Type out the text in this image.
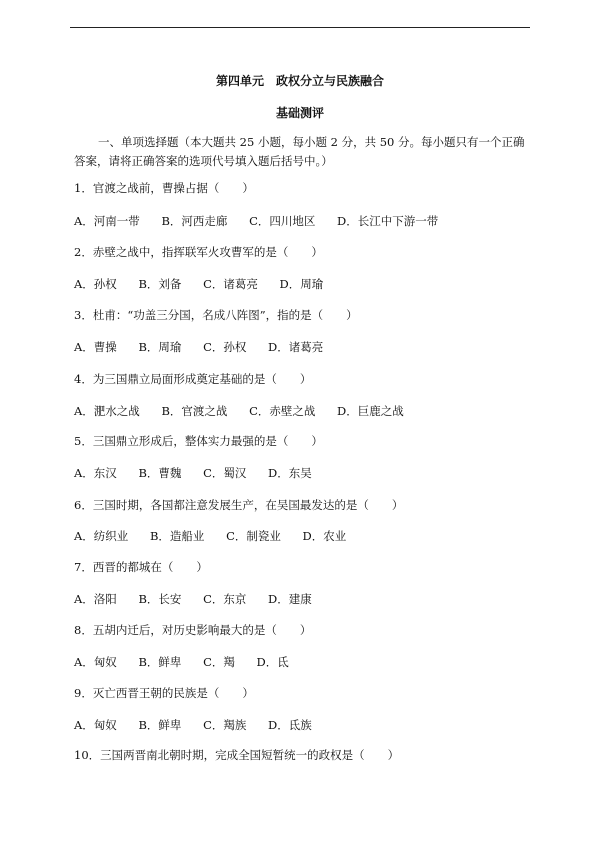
第四单元　政权分立与民族融合
基础测评
一、单项选择题（本大题共 25 小题，每小题 2 分，共 50 分。每小题只有一个正确答案，请将正确答案的选项代号填入题后括号中。）
1．官渡之战前，曹操占据（　　）
A．河南一带 B．河西走廊 C．四川地区 D．长江中下游一带
2．赤壁之战中，指挥联军火攻曹军的是（　　）
A．孙权 B．刘备 C．诸葛亮 D．周瑜
3．杜甫：“功盖三分国，名成八阵图”，指的是（　　）
A．曹操 B．周瑜 C．孙权 D．诸葛亮
4．为三国鼎立局面形成奠定基础的是（　　）
A．淝水之战 B．官渡之战 C．赤壁之战 D．巨鹿之战
5．三国鼎立形成后，整体实力最强的是（　　）
A．东汉 B．曹魏 C．蜀汉 D．东吴
6．三国时期，各国都注意发展生产，在吴国最发达的是（　　）
A．纺织业 B．造船业 C．制瓷业 D．农业
7．西晋的都城在（　　）
A．洛阳 B．长安 C．东京 D．建康
8．五胡内迁后，对历史影响最大的是（　　）
A．匈奴 B．鲜卑 C．羯 D．氐
9．灭亡西晋王朝的民族是（　　）
A．匈奴 B．鲜卑 C．羯族 D．氐族
10．三国两晋南北朝时期，完成全国短暂统一的政权是（　　）
